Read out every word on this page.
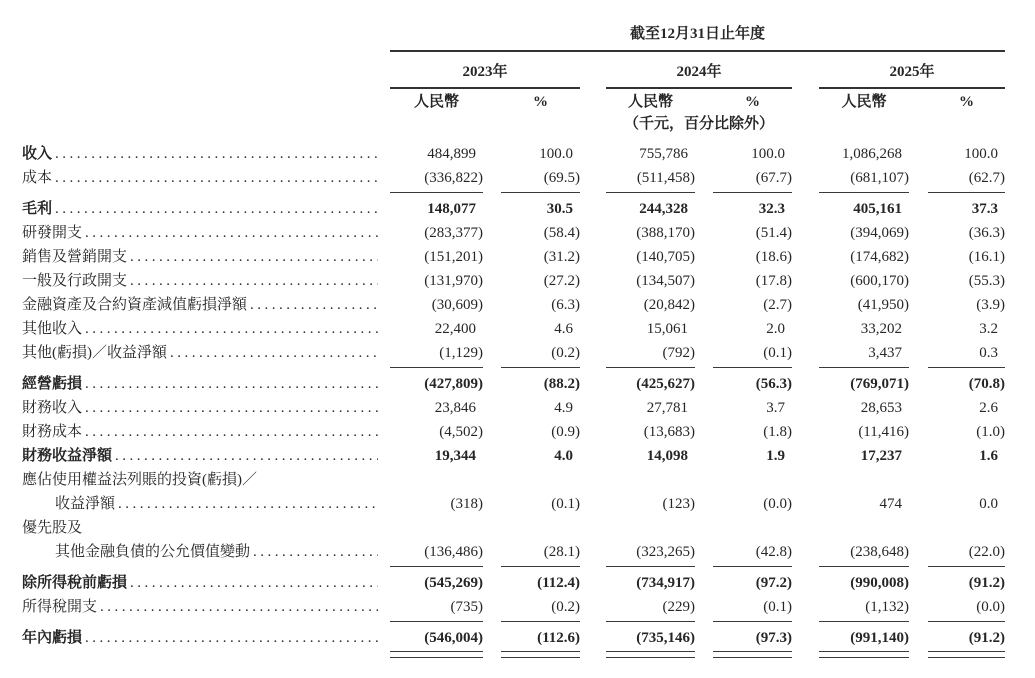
截至12月31日止年度
2023年	2024年	2025年
人民幣	%	人民幣	%	人民幣	%
（千元，百分比除外）
收入 .....	484,899	100.0	755,786	100.0	1,086,268	100.0
成本 .....	(336,822)	(69.5)	(511,458)	(67.7)	(681,107)	(62.7)
毛利 .....	148,077	30.5	244,328	32.3	405,161	37.3
研發開支 .....	(283,377)	(58.4)	(388,170)	(51.4)	(394,069)	(36.3)
銷售及營銷開支 .....	(151,201)	(31.2)	(140,705)	(18.6)	(174,682)	(16.1)
一般及行政開支 .....	(131,970)	(27.2)	(134,507)	(17.8)	(600,170)	(55.3)
金融資產及合約資產減值虧損淨額 .....	(30,609)	(6.3)	(20,842)	(2.7)	(41,950)	(3.9)
其他收入 .....	22,400	4.6	15,061	2.0	33,202	3.2
其他(虧損)／收益淨額 .....	(1,129)	(0.2)	(792)	(0.1)	3,437	0.3
經營虧損 .....	(427,809)	(88.2)	(425,627)	(56.3)	(769,071)	(70.8)
財務收入 .....	23,846	4.9	27,781	3.7	28,653	2.6
財務成本 .....	(4,502)	(0.9)	(13,683)	(1.8)	(11,416)	(1.0)
財務收益淨額 .....	19,344	4.0	14,098	1.9	17,237	1.6
應佔使用權益法列賬的投資(虧損)／
收益淨額 .....	(318)	(0.1)	(123)	(0.0)	474	0.0
優先股及
其他金融負債的公允價值變動 .....	(136,486)	(28.1)	(323,265)	(42.8)	(238,648)	(22.0)
除所得稅前虧損 .....	(545,269)	(112.4)	(734,917)	(97.2)	(990,008)	(91.2)
所得稅開支 .....	(735)	(0.2)	(229)	(0.1)	(1,132)	(0.0)
年內虧損 .....	(546,004)	(112.6)	(735,146)	(97.3)	(991,140)	(91.2)
